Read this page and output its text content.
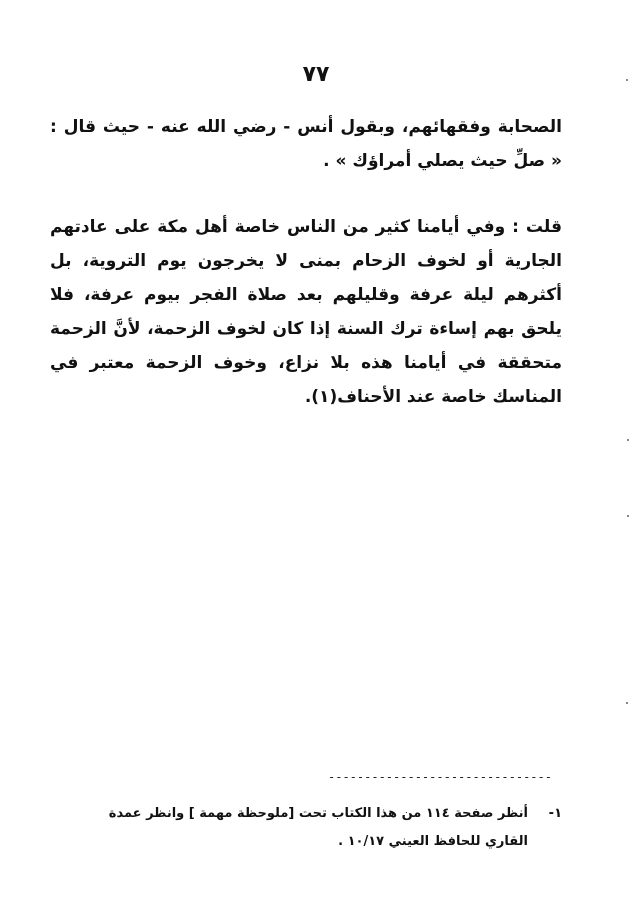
٧٧

الصحابة وفقهائهم، وبقول أنس - رضي الله عنه - حيث قال : « صلِّ حيث يصلي أمراؤك » .

قلت : وفي أيامنا كثير من الناس خاصة أهل مكة على عادتهم الجارية أو لخوف الزحام بمنى لا يخرجون يوم التروية، بل أكثرهم ليلة عرفة وقليلهم بعد صلاة الفجر بيوم عرفة، فلا يلحق بهم إساءة ترك السنة إذا كان لخوف الزحمة، لأنَّ الزحمة متحققة في أيامنا هذه بلا نزاع، وخوف الزحمة معتبر في المناسك خاصة عند الأحناف(١).

-------------------------------
١-أنظر صفحة ١١٤ من هذا الكتاب تحت [ملوحظة مهمة ] وانظر عمدة
القاري للحافظ العيني ١٠/١٧ .
